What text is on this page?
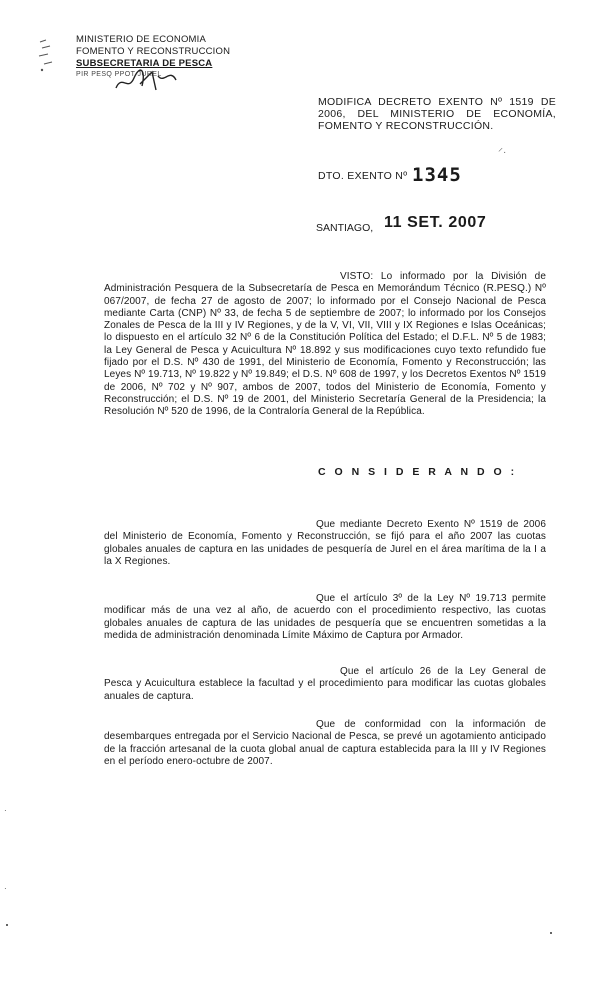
MINISTERIO DE ECONOMIA
FOMENTO Y RECONSTRUCCION
SUBSECRETARIA DE PESCA
PIR PESQ PPOT JUREL
MODIFICA DECRETO EXENTO Nº 1519 DE 2006, DEL MINISTERIO DE ECONOMÍA, FOMENTO Y RECONSTRUCCIÓN.
⸍·
DTO. EXENTO Nº 1345
SANTIAGO, 11 SET. 2007
VISTO: Lo informado por la División de Administración Pesquera de la Subsecretaría de Pesca en Memorándum Técnico (R.PESQ.) Nº 067/2007, de fecha 27 de agosto de 2007; lo informado por el Consejo Nacional de Pesca mediante Carta (CNP) Nº 33, de fecha 5 de septiembre de 2007; lo informado por los Consejos Zonales de Pesca de la III y IV Regiones, y de la V, VI, VII, VIII y IX Regiones e Islas Oceánicas; lo dispuesto en el artículo 32 Nº 6 de la Constitución Política del Estado; el D.F.L. Nº 5 de 1983; la Ley General de Pesca y Acuicultura Nº 18.892 y sus modificaciones cuyo texto refundido fue fijado por el D.S. Nº 430 de 1991, del Ministerio de Economía, Fomento y Reconstrucción; las Leyes Nº 19.713, Nº 19.822 y Nº 19.849; el D.S. Nº 608 de 1997, y los Decretos Exentos Nº 1519 de 2006, Nº 702 y Nº 907, ambos de 2007, todos del Ministerio de Economía, Fomento y Reconstrucción; el D.S. Nº 19 de 2001, del Ministerio Secretaría General de la Presidencia; la Resolución Nº 520 de 1996, de la Contraloría General de la República.
C O N S I D E R A N D O :
Que mediante Decreto Exento Nº 1519 de 2006 del Ministerio de Economía, Fomento y Reconstrucción, se fijó para el año 2007 las cuotas globales anuales de captura en las unidades de pesquería de Jurel en el área marítima de la I a la X Regiones.
Que el artículo 3º de la Ley Nº 19.713 permite modificar más de una vez al año, de acuerdo con el procedimiento respectivo, las cuotas globales anuales de captura de las unidades de pesquería que se encuentren sometidas a la medida de administración denominada Límite Máximo de Captura por Armador.
Que el artículo 26 de la Ley General de Pesca y Acuicultura establece la facultad y el procedimiento para modificar las cuotas globales anuales de captura.
Que de conformidad con la información de desembarques entregada por el Servicio Nacional de Pesca, se prevé un agotamiento anticipado de la fracción artesanal de la cuota global anual de captura establecida para la III y IV Regiones en el período enero-octubre de 2007.
·
·
